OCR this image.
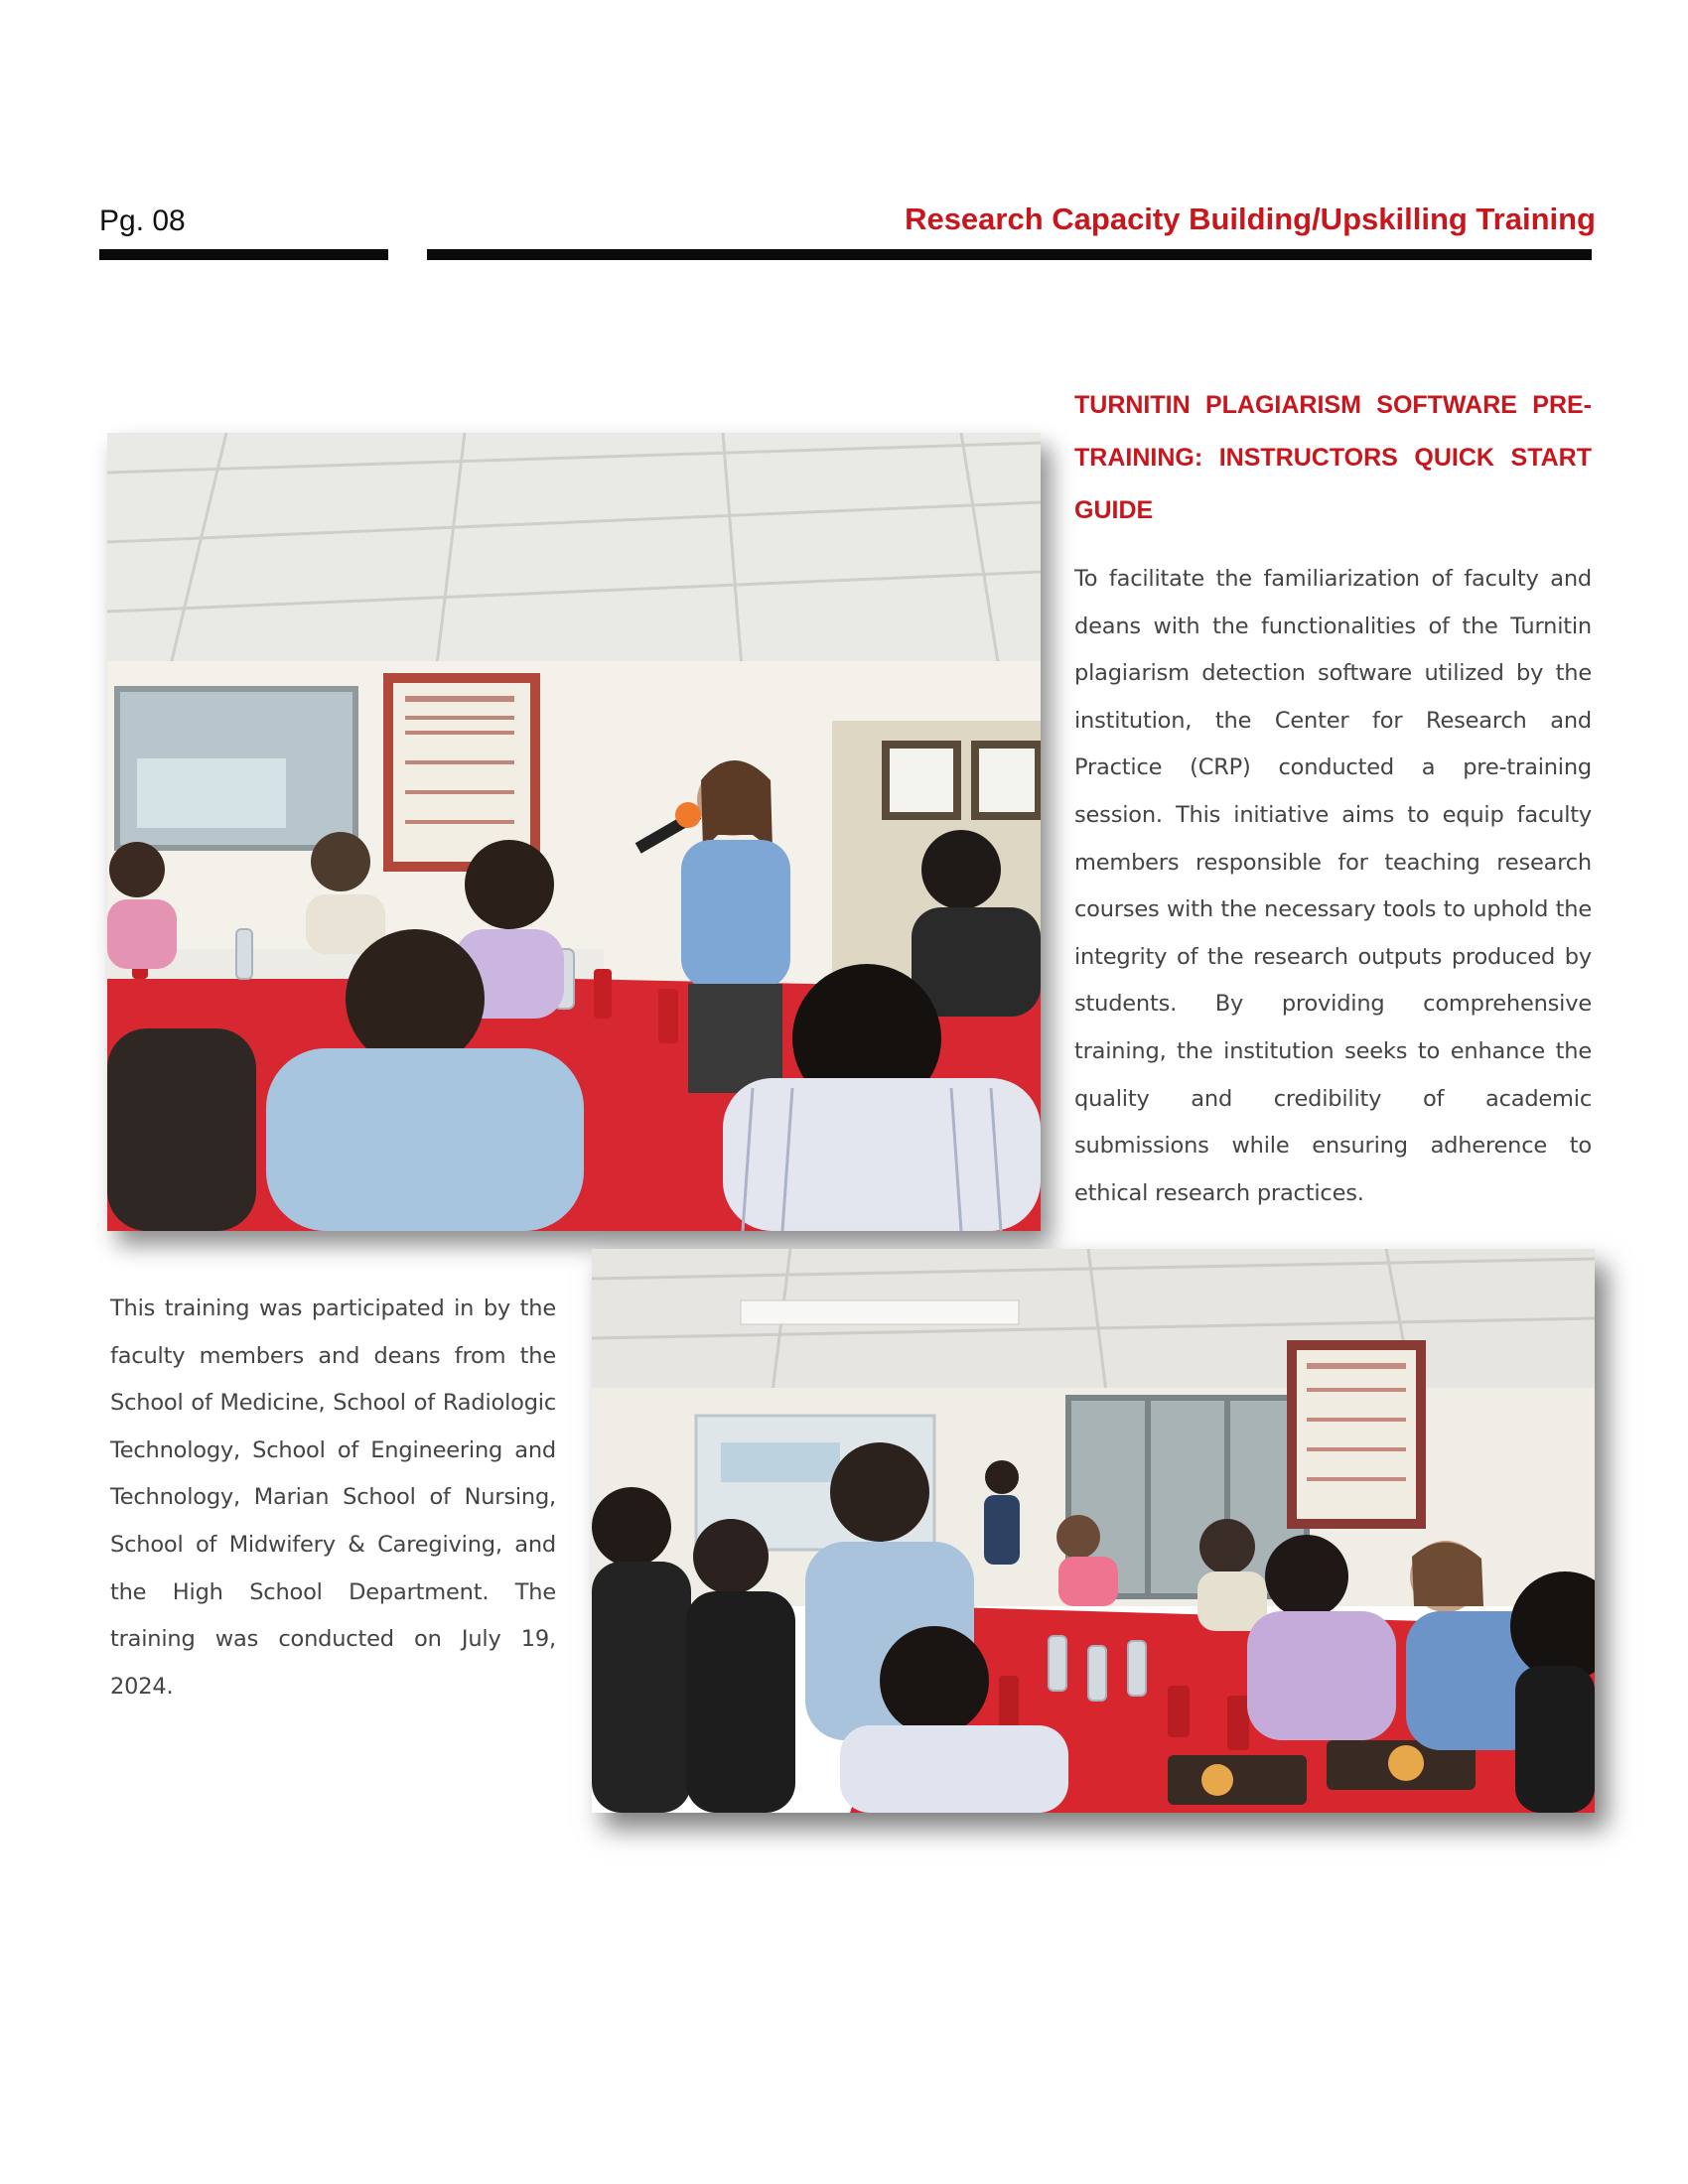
Pg. 08	Research Capacity Building/Upskilling Training
TURNITIN PLAGIARISM SOFTWARE PRE-TRAINING: INSTRUCTORS QUICK START GUIDE
To facilitate the familiarization of faculty and deans with the functionalities of the Turnitin plagiarism detection software utilized by the institution, the Center for Research and Practice (CRP) conducted a pre-training session. This initiative aims to equip faculty members responsible for teaching research courses with the necessary tools to uphold the integrity of the research outputs produced by students. By providing comprehensive training, the institution seeks to enhance the quality and credibility of academic submissions while ensuring adherence to ethical research practices.
This training was participated in by the faculty members and deans from the School of Medicine, School of Radiologic Technology, School of Engineering and Technology, Marian School of Nursing, School of Midwifery & Caregiving, and the High School Department. The training was conducted on July 19, 2024.
